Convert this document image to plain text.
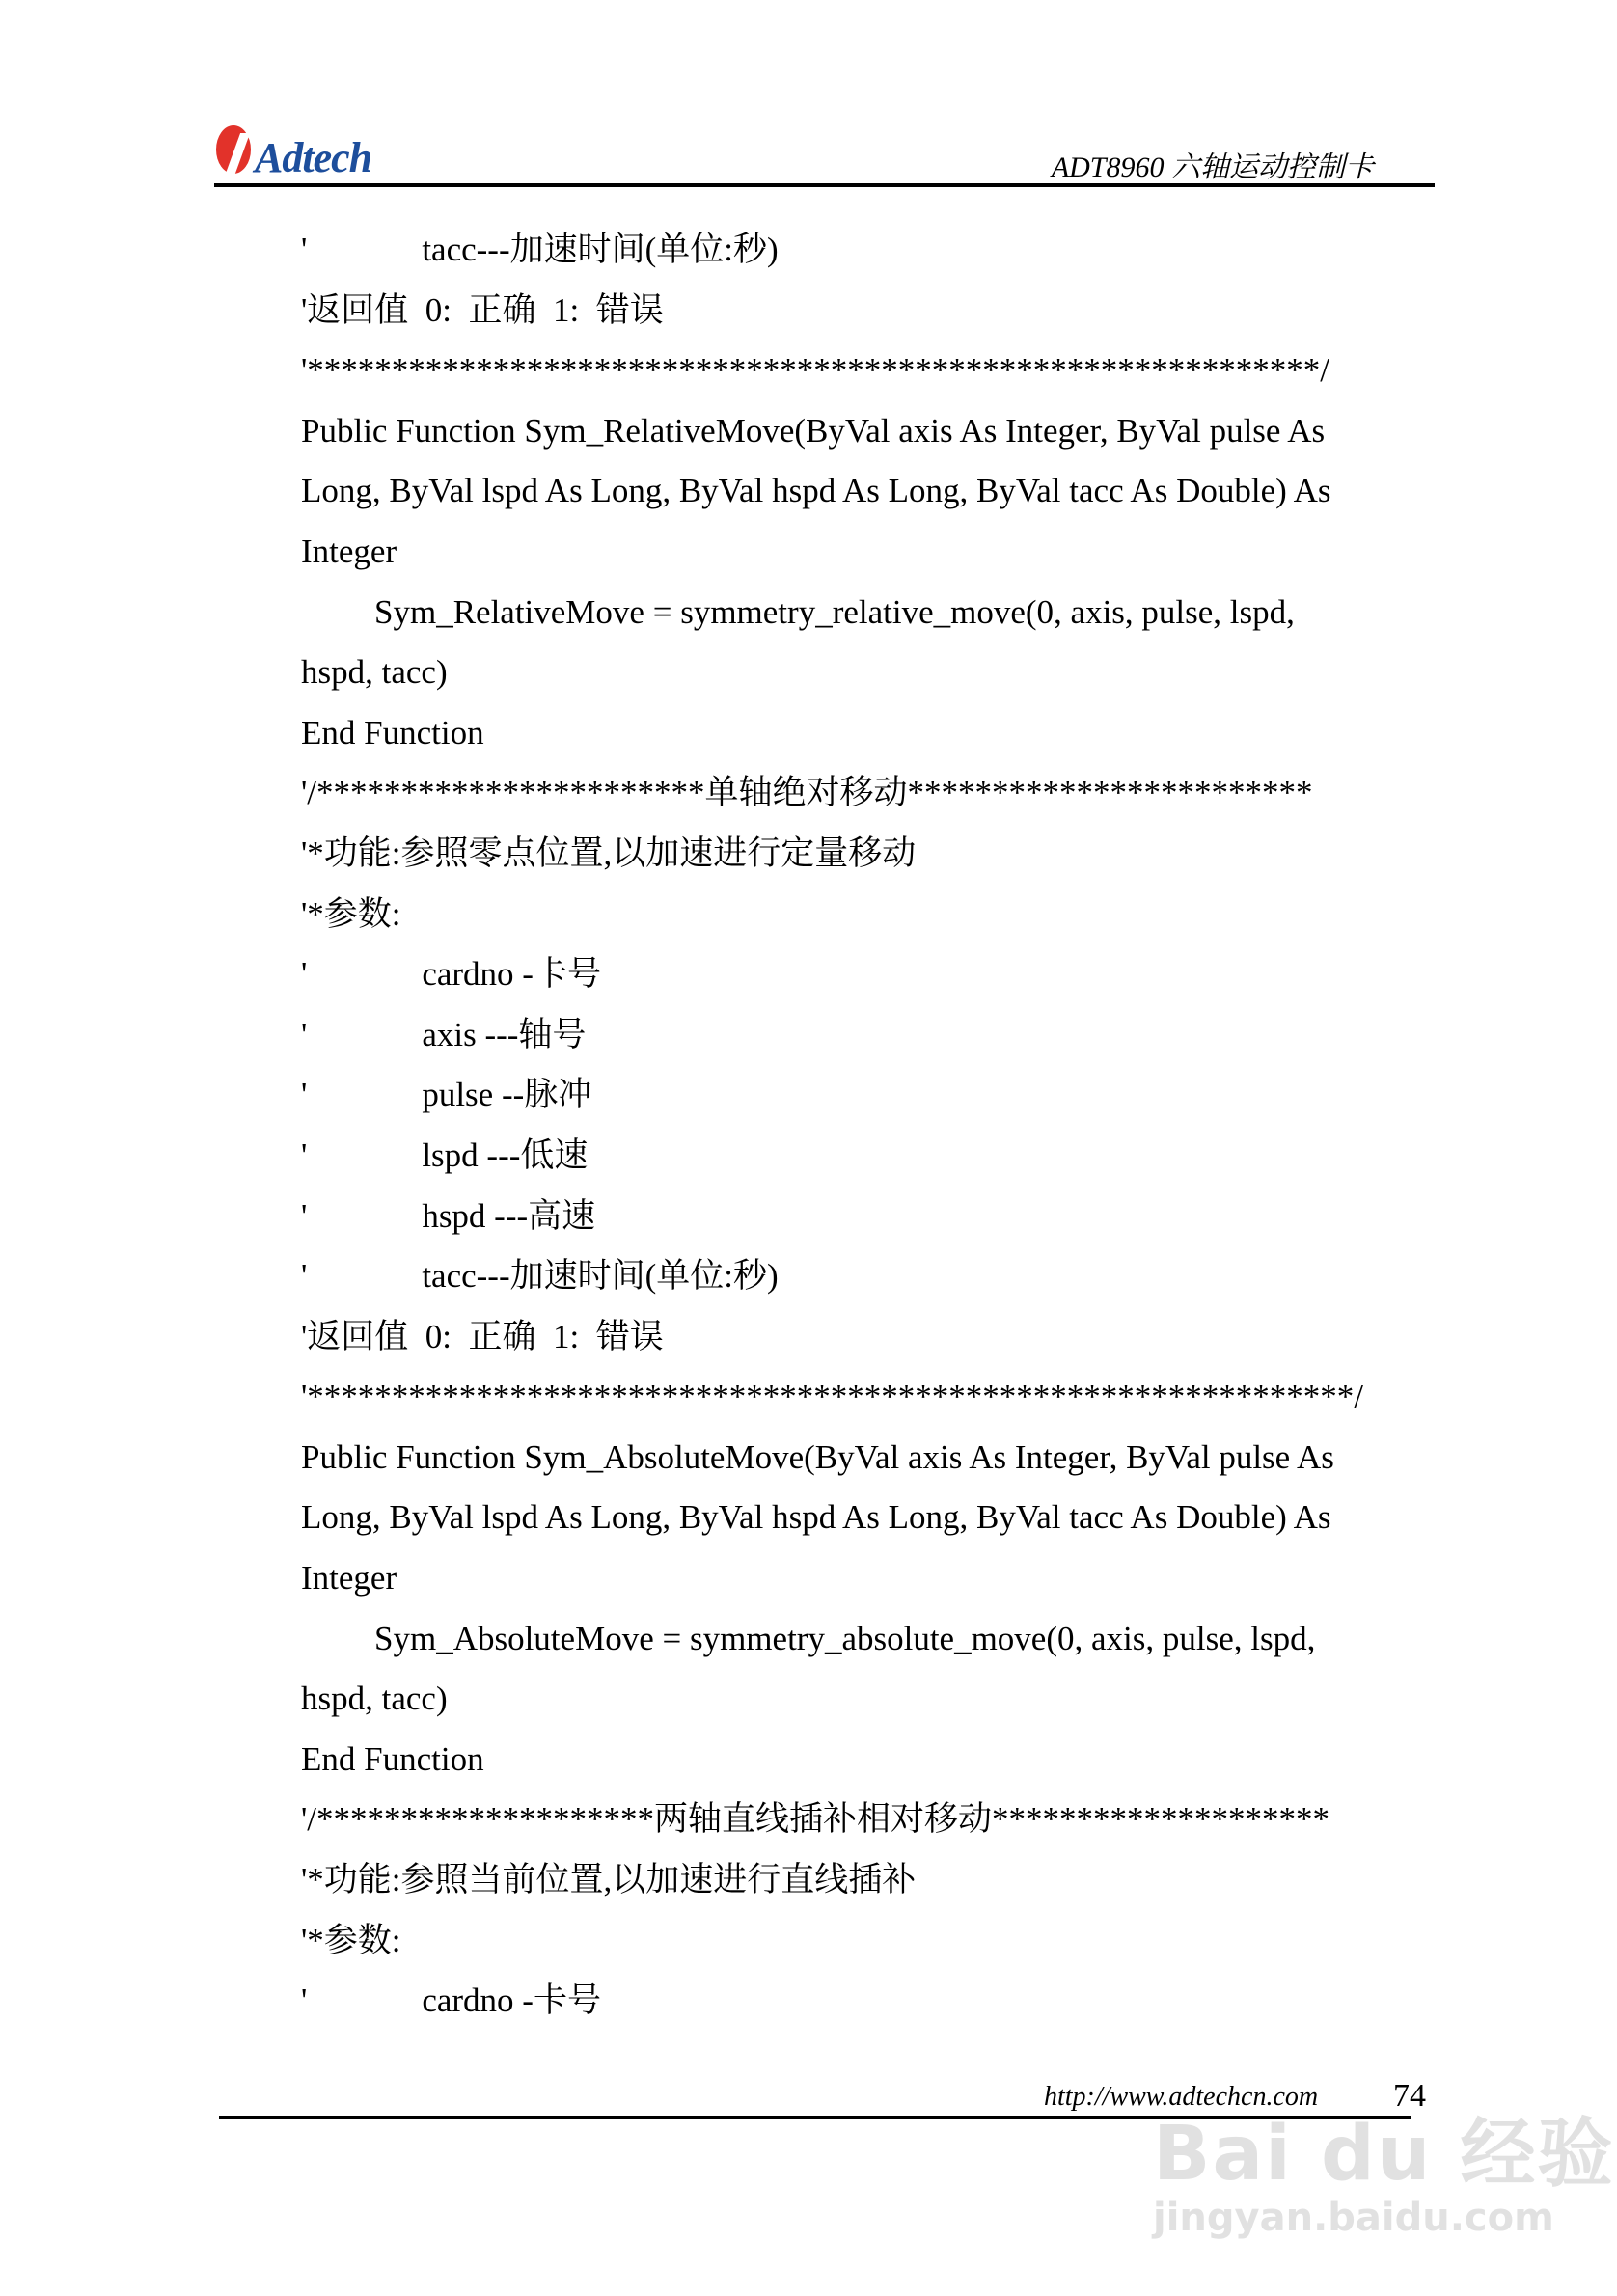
Adtech	ADT8960 六轴运动控制卡
'	tacc---加速时间(单位:秒)
'返回值  0:  正确  1:  错误
'************************************************************/
Public Function Sym_RelativeMove(ByVal axis As Integer, ByVal pulse As
Long, ByVal lspd As Long, ByVal hspd As Long, ByVal tacc As Double) As
Integer
Sym_RelativeMove = symmetry_relative_move(0, axis, pulse, lspd,
hspd, tacc)
End Function
'/***********************单轴绝对移动************************
'*功能:参照零点位置,以加速进行定量移动
'*参数:
'	cardno -卡号
'	axis ---轴号
'	pulse --脉冲
'	lspd ---低速
'	hspd ---高速
'	tacc---加速时间(单位:秒)
'返回值  0:  正确  1:  错误
'**************************************************************/
Public Function Sym_AbsoluteMove(ByVal axis As Integer, ByVal pulse As
Long, ByVal lspd As Long, ByVal hspd As Long, ByVal tacc As Double) As
Integer
Sym_AbsoluteMove = symmetry_absolute_move(0, axis, pulse, lspd,
hspd, tacc)
End Function
'/********************两轴直线插补相对移动********************
'*功能:参照当前位置,以加速进行直线插补
'*参数:
'	cardno -卡号
http://www.adtechcn.com 74
Bai du 经验
jingyan.baidu.com
